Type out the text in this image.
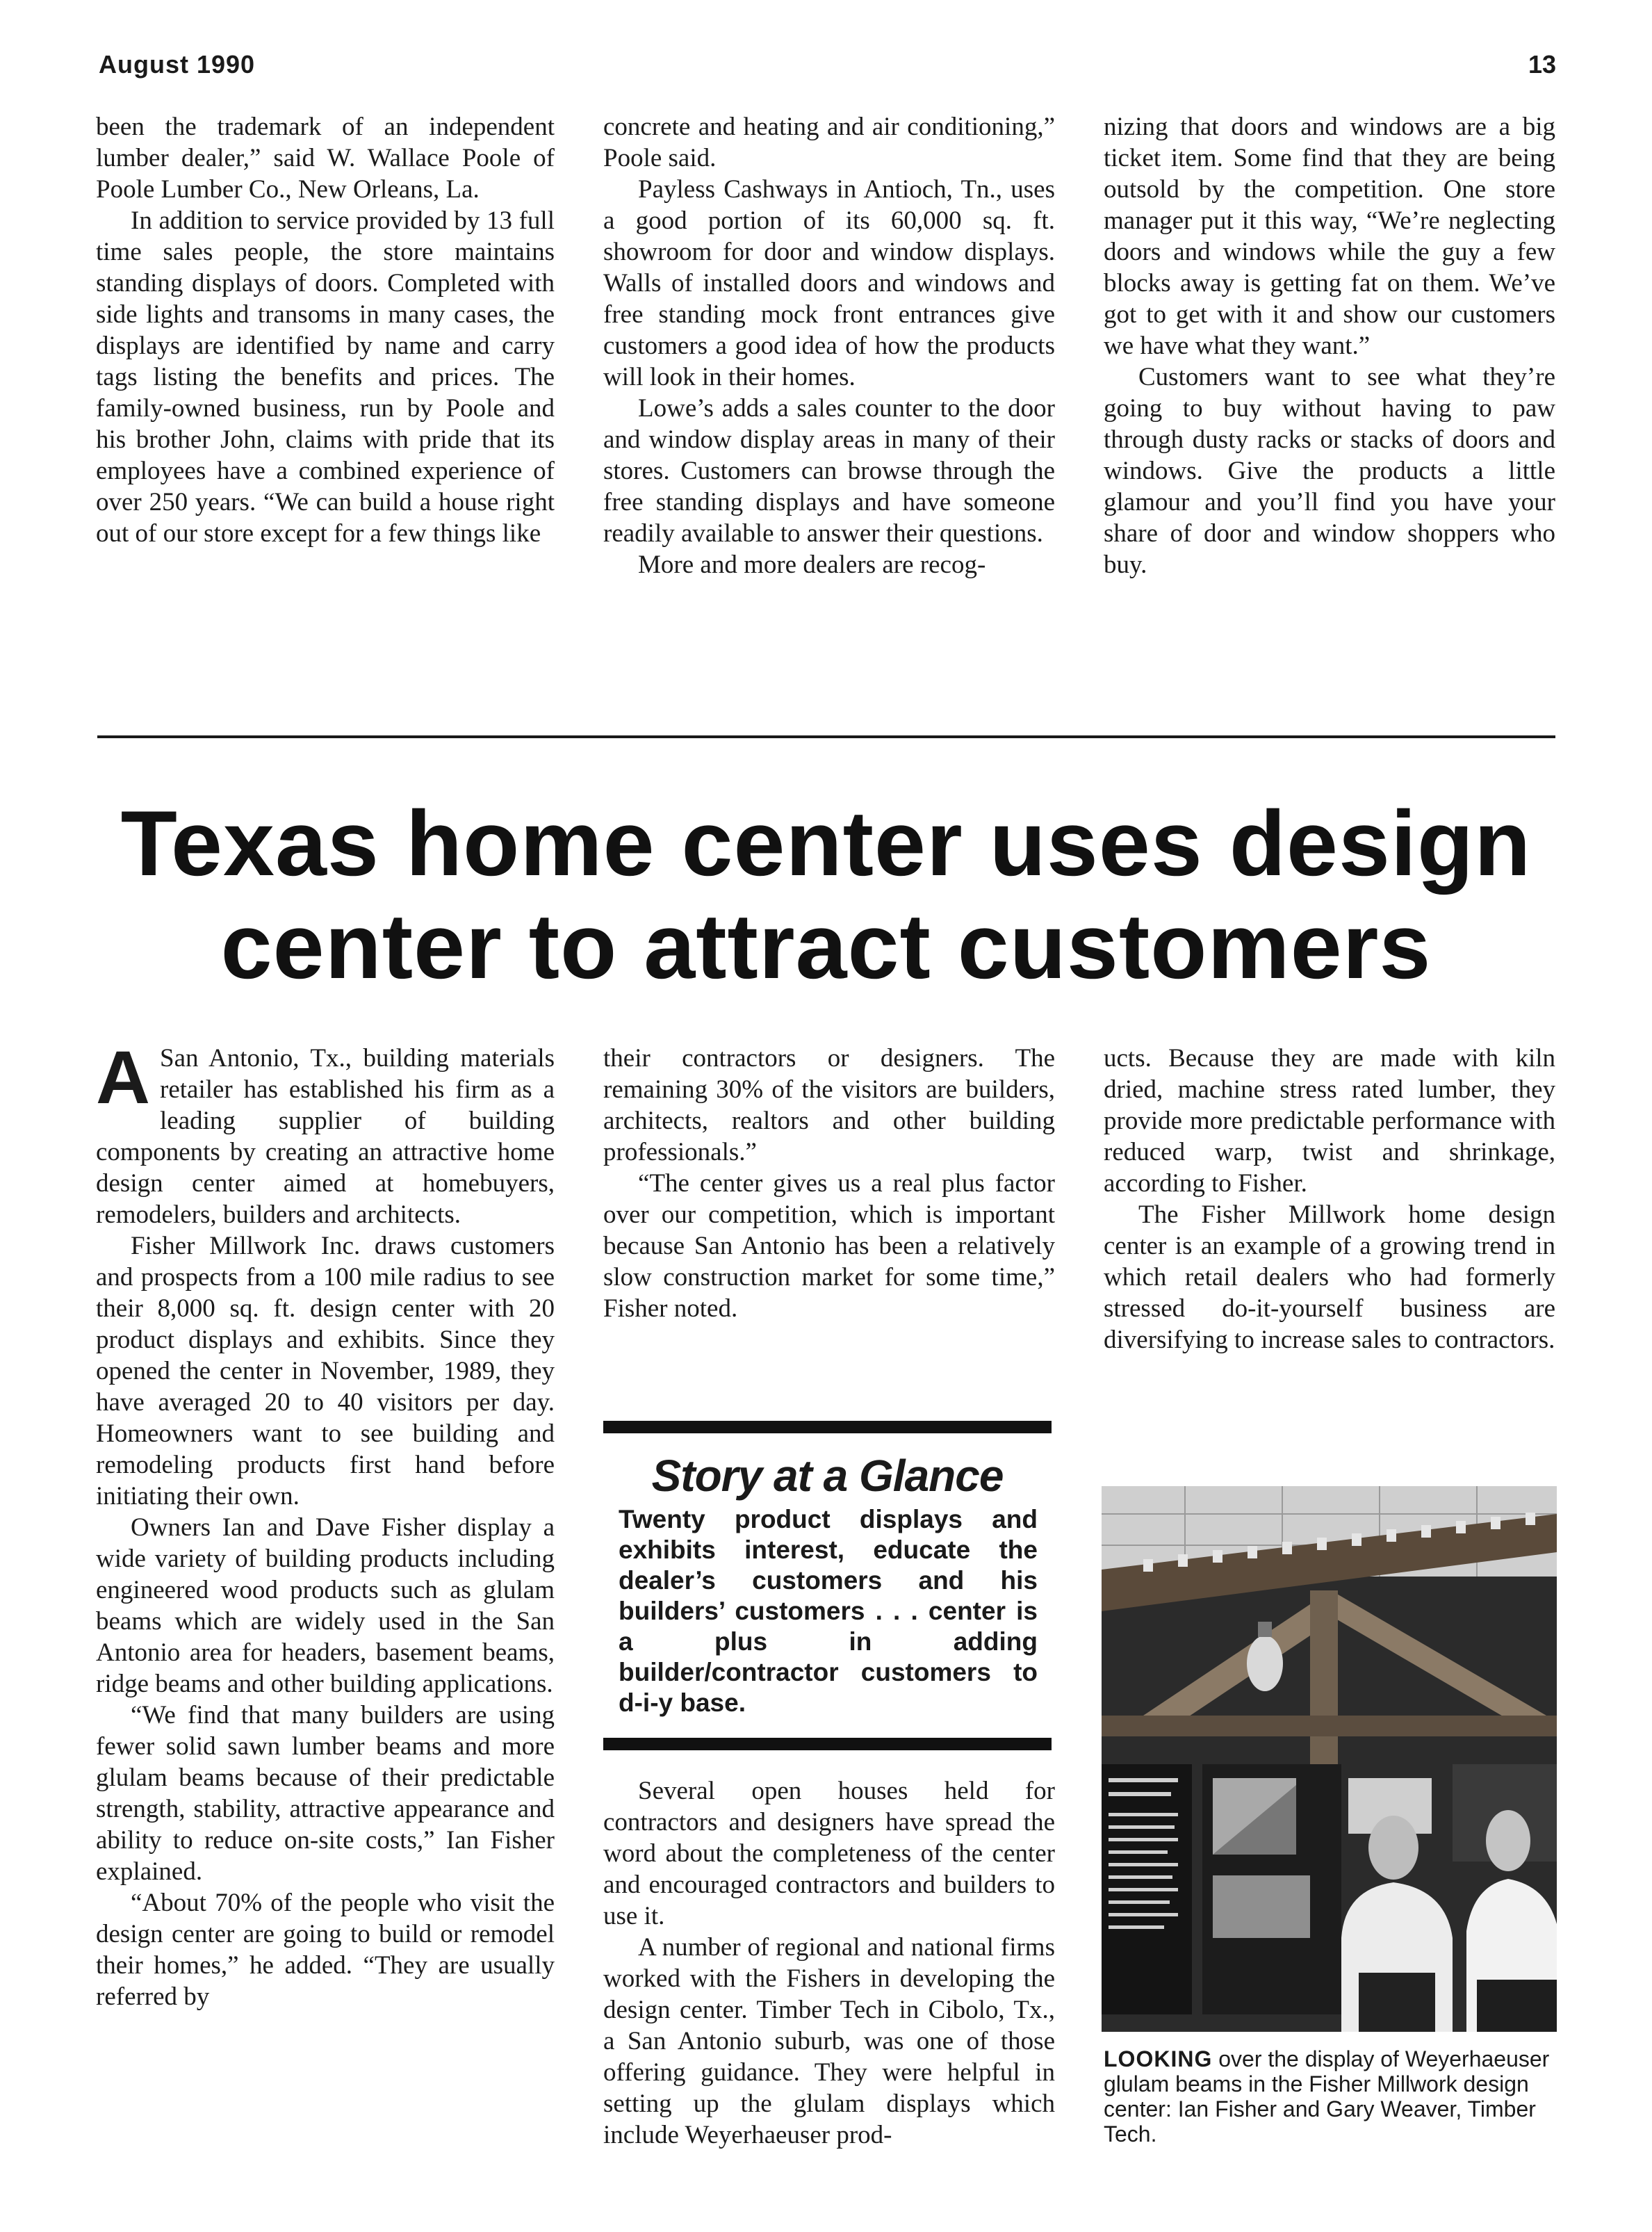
August 1990	13

been the trademark of an independent lumber dealer,” said W. Wallace Poole of Poole Lumber Co., New Orleans, La.

In addition to service provided by 13 full time sales people, the store maintains standing displays of doors. Completed with side lights and transoms in many cases, the displays are identified by name and carry tags listing the benefits and prices. The family-owned business, run by Poole and his brother John, claims with pride that its employees have a combined experience of over 250 years. “We can build a house right out of our store except for a few things like

concrete and heating and air conditioning,” Poole said.

Payless Cashways in Antioch, Tn., uses a good portion of its 60,000 sq. ft. showroom for door and window displays. Walls of installed doors and windows and free standing mock front entrances give customers a good idea of how the products will look in their homes.

Lowe’s adds a sales counter to the door and window display areas in many of their stores. Customers can browse through the free standing displays and have someone readily available to answer their questions.

More and more dealers are recog-

nizing that doors and windows are a big ticket item. Some find that they are being outsold by the competition. One store manager put it this way, “We’re neglecting doors and windows while the guy a few blocks away is getting fat on them. We’ve got to get with it and show our customers we have what they want.”

Customers want to see what they’re going to buy without having to paw through dusty racks or stacks of doors and windows. Give the products a little glamour and you’ll find you have your share of door and window shoppers who buy.

Texas home center uses design
center to attract customers

A San Antonio, Tx., building materials retailer has established his firm as a leading supplier of building components by creating an attractive home design center aimed at homebuyers, remodelers, builders and architects.

Fisher Millwork Inc. draws customers and prospects from a 100 mile radius to see their 8,000 sq. ft. design center with 20 product displays and exhibits. Since they opened the center in November, 1989, they have averaged 20 to 40 visitors per day. Homeowners want to see building and remodeling products first hand before initiating their own.

Owners Ian and Dave Fisher display a wide variety of building products including engineered wood products such as glulam beams which are widely used in the San Antonio area for headers, basement beams, ridge beams and other building applications.

“We find that many builders are using fewer solid sawn lumber beams and more glulam beams because of their predictable strength, stability, attractive appearance and ability to reduce on-site costs,” Ian Fisher explained.

“About 70% of the people who visit the design center are going to build or remodel their homes,” he added. “They are usually referred by

their contractors or designers. The remaining 30% of the visitors are builders, architects, realtors and other building professionals.”

“The center gives us a real plus factor over our competition, which is important because San Antonio has been a relatively slow construction market for some time,” Fisher noted.

Story at a Glance
Twenty product displays and exhibits interest, educate the dealer’s customers and his builders’ customers . . . center is a plus in adding builder/contractor customers to d-i-y base.

Several open houses held for contractors and designers have spread the word about the completeness of the center and encouraged contractors and builders to use it.

A number of regional and national firms worked with the Fishers in developing the design center. Timber Tech in Cibolo, Tx., a San Antonio suburb, was one of those offering guidance. They were helpful in setting up the glulam displays which include Weyerhaeuser prod-

ucts. Because they are made with kiln dried, machine stress rated lumber, they provide more predictable performance with reduced warp, twist and shrinkage, according to Fisher.

The Fisher Millwork home design center is an example of a growing trend in which retail dealers who had formerly stressed do-it-yourself business are diversifying to increase sales to contractors.

LOOKING over the display of Weyerhaeuser glulam beams in the Fisher Millwork design center: Ian Fisher and Gary Weaver, Timber Tech.
